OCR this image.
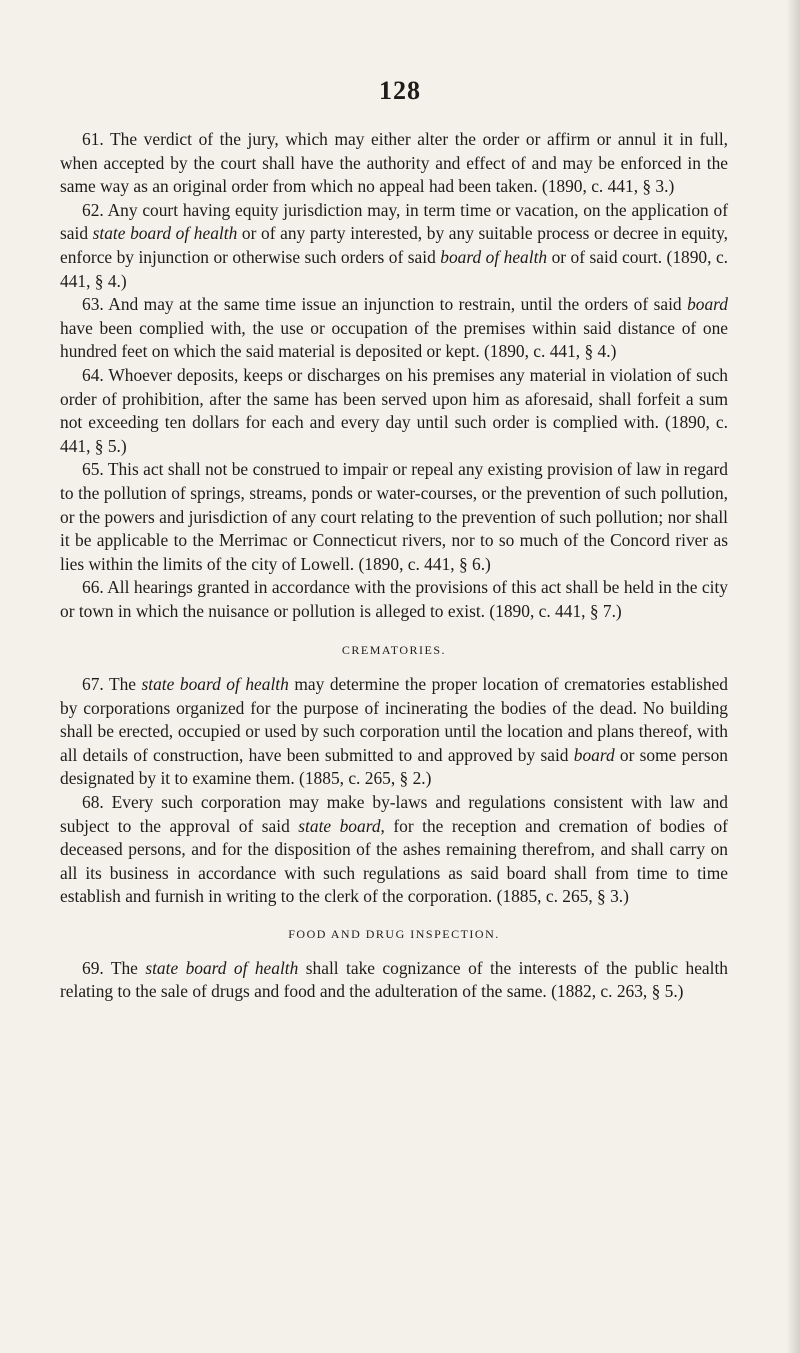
128

61. The verdict of the jury, which may either alter the order or affirm or annul it in full, when accepted by the court shall have the authority and effect of and may be enforced in the same way as an original order from which no appeal had been taken. (1890, c. 441, § 3.)

62. Any court having equity jurisdiction may, in term time or vacation, on the application of said state board of health or of any party interested, by any suitable process or decree in equity, enforce by injunction or otherwise such orders of said board of health or of said court. (1890, c. 441, § 4.)

63. And may at the same time issue an injunction to restrain, until the orders of said board have been complied with, the use or occupation of the premises within said distance of one hundred feet on which the said material is deposited or kept. (1890, c. 441, § 4.)

64. Whoever deposits, keeps or discharges on his premises any material in violation of such order of prohibition, after the same has been served upon him as aforesaid, shall forfeit a sum not exceeding ten dollars for each and every day until such order is complied with. (1890, c. 441, § 5.)

65. This act shall not be construed to impair or repeal any existing provision of law in regard to the pollution of springs, streams, ponds or water-courses, or the prevention of such pollution, or the powers and jurisdiction of any court relating to the prevention of such pollution; nor shall it be applicable to the Merrimac or Connecticut rivers, nor to so much of the Concord river as lies within the limits of the city of Lowell. (1890, c. 441, § 6.)

66. All hearings granted in accordance with the provisions of this act shall be held in the city or town in which the nuisance or pollution is alleged to exist. (1890, c. 441, § 7.)

CREMATORIES.

67. The state board of health may determine the proper location of crematories established by corporations organized for the purpose of incinerating the bodies of the dead. No building shall be erected, occupied or used by such corporation until the location and plans thereof, with all details of construction, have been submitted to and approved by said board or some person designated by it to examine them. (1885, c. 265, § 2.)

68. Every such corporation may make by-laws and regulations consistent with law and subject to the approval of said state board, for the reception and cremation of bodies of deceased persons, and for the disposition of the ashes remaining therefrom, and shall carry on all its business in accordance with such regulations as said board shall from time to time establish and furnish in writing to the clerk of the corporation. (1885, c. 265, § 3.)

FOOD AND DRUG INSPECTION.

69. The state board of health shall take cognizance of the interests of the public health relating to the sale of drugs and food and the adulteration of the same. (1882, c. 263, § 5.)
